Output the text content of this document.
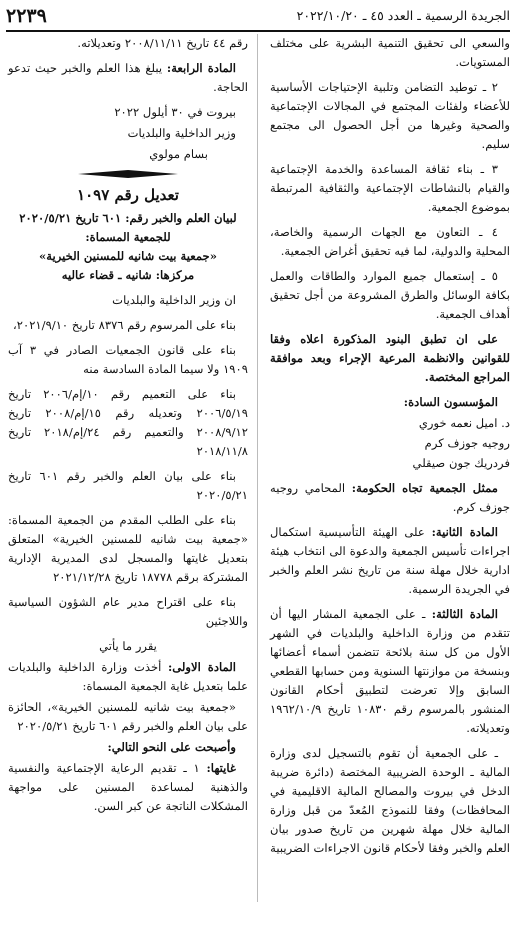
الجريدة الرسمية ـ العدد ٤٥ ـ ٢٠٢٢/١٠/٢٠
٢٢٣٩

والسعي الى تحقيق التنمية البشرية على مختلف المستويات.

٢ ـ توطيد التضامن وتلبية الإحتياجات الأساسية للأعضاء ولفئات المجتمع في المجالات الإجتماعية والصحية وغيرها من أجل الحصول الى مجتمع سليم.

٣ ـ بناء ثقافة المساعدة والخدمة الإجتماعية والقيام بالنشاطات الإجتماعية والثقافية المرتبطة بموضوع الجمعية.

٤ ـ التعاون مع الجهات الرسمية والخاصة، المحلية والدولية، لما فيه تحقيق أغراض الجمعية.

٥ ـ إستعمال جميع الموارد والطاقات والعمل بكافة الوسائل والطرق المشروعة من أجل تحقيق أهداف الجمعية.

على ان تطبق البنود المذكورة اعلاه وفقا للقوانين والانظمة المرعية الإجراء وبعد موافقة المراجع المختصة.

المؤسسون السادة:

د. اميل نعمه خوري
روجيه جوزف كرم
فردريك جون صيقلي

ممثل الجمعية تجاه الحكومة: المحامي روجيه جوزف كرم.

المادة الثانية: على الهيئة التأسيسية استكمال اجراءات تأسيس الجمعية والدعوة الى انتخاب هيئة ادارية خلال مهلة سنة من تاريخ نشر العلم والخبر في الجريدة الرسمية.

المادة الثالثة: ـ على الجمعية المشار اليها أن تتقدم من وزارة الداخلية والبلديات في الشهر الأول من كل سنة بلائحة تتضمن أسماء أعضائها وبنسخة من موازنتها السنوية ومن حسابها القطعي السابق وإلا تعرضت لتطبيق أحكام القانون المنشور بالمرسوم رقم ١٠٨٣٠ تاريخ ١٩٦٢/١٠/٩ وتعديلاته.

ـ على الجمعية أن تقوم بالتسجيل لدى وزارة المالية ـ الوحدة الضريبية المختصة (دائرة ضريبة الدخل في بيروت والمصالح المالية الاقليمية في المحافظات) وفقا للنموذج المُعدّ من قبل وزارة المالية خلال مهلة شهرين من تاريخ صدور بيان العلم والخبر وفقا لأحكام قانون الاجراءات الضريبية

رقم ٤٤ تاريخ ٢٠٠٨/١١/١١ وتعديلاته.

المادة الرابعة: يبلغ هذا العلم والخبر حيث تدعو الحاجة.

بيروت في ٣٠ أيلول ٢٠٢٢

وزير الداخلية والبلديات

بسام مولوي

تعديل رقم ١٠٩٧
لبيان العلم والخبر رقم: ٦٠١ تاريخ ٢٠٢٠/٥/٢١
للجمعية المسماة:
«جمعية بيت شانيه للمسنين الخيرية»
مركزها: شانيه ـ قضاء عاليه

ان وزير الداخلية والبلديات

بناء على المرسوم رقم ٨٣٧٦ تاريخ ٢٠٢١/٩/١٠،

بناء على قانون الجمعيات الصادر في ٣ آب ١٩٠٩ ولا سيما المادة السادسة منه

بناء على التعميم رقم ١٠/إم/٢٠٠٦ تاريخ ٢٠٠٦/٥/١٩ وتعديله رقم ١٥/إم/٢٠٠٨ تاريخ ٢٠٠٨/٩/١٢ والتعميم رقم ٢٤/إم/٢٠١٨ تاريخ ٢٠١٨/١١/٨

بناء على بيان العلم والخبر رقم ٦٠١ تاريخ ٢٠٢٠/٥/٢١

بناء على الطلب المقدم من الجمعية المسماة: «جمعية بيت شانيه للمسنين الخيرية» المتعلق بتعديل غايتها والمسجل لدى المديرية الإدارية المشتركة برقم ١٨٧٧٨ تاريخ ٢٠٢١/١٢/٢٨

بناء على اقتراح مدير عام الشؤون السياسية واللاجئين

يقرر ما يأتي

المادة الاولى: أخذت وزارة الداخلية والبلديات علما بتعديل غاية الجمعية المسماة:

«جمعية بيت شانيه للمسنين الخيرية»، الحائزة على بيان العلم والخبر رقم ٦٠١ تاريخ ٢٠٢٠/٥/٢١

وأصبحت على النحو التالي:

غايتها: ١ ـ تقديم الرعاية الإجتماعية والنفسية والذهنية لمساعدة المسنين على مواجهة المشكلات الناتجة عن كبر السن.
